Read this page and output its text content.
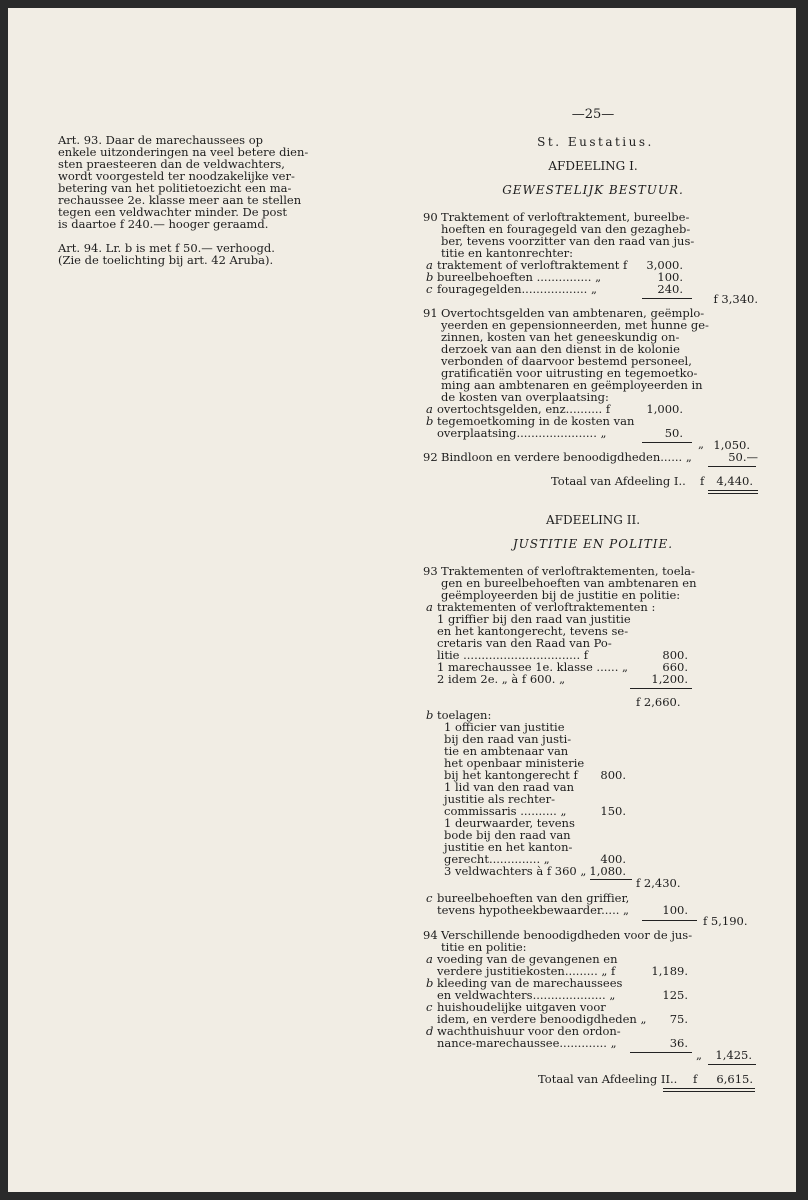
—25—
Art. 93. Daar de marechaussees op
enkele uitzonderingen na veel betere dien-
sten praesteeren dan de veldwachters,
wordt voorgesteld ter noodzakelijke ver-
betering van het politietoezicht een ma-
rechaussee 2e. klasse meer aan te stellen
tegen een veldwachter minder. De post
is daartoe f 240.— hooger geraamd.
Art. 94. Lr. b is met f 50.— verhoogd.
(Zie de toelichting bij art. 42 Aruba).
St. Eustatius.
AFDEELING I.
GEWESTELIJK BESTUUR.
90 Traktement of verloftraktement, bureelbe-
hoeften en fouragegeld van den gezagheb-
ber, tevens voorzitter van den raad van jus-
titie en kantonrechter:
a traktement of verloftraktement f	3,000.
b bureelbehoeften ............... „	100.
c fouragegelden.................. „	240.
f 3,340.
91 Overtochtsgelden van ambtenaren, geëmplo-
yeerden en gepensionneerden, met hunne ge-
zinnen, kosten van het geneeskundig on-
derzoek van aan den dienst in de kolonie
verbonden of daarvoor bestemd personeel,
gratificatiën voor uitrusting en tegemoetko-
ming aan ambtenaren en geëmployeerden in
de kosten van overplaatsing:
a overtochtsgelden, enz.......... f	1,000.
b tegemoetkoming in de kosten van
overplaatsing...................... „	50.
„ 1,050.
92 Bindloon en verdere benoodigdheden...... „	50.—
Totaal van Afdeeling I.. f	4,440.
AFDEELING II.
JUSTITIE EN POLITIE.
93 Traktementen of verloftraktementen, toela-
gen en bureelbehoeften van ambtenaren en
geëmployeerden bij de justitie en politie:
a traktementen of verloftraktementen :
1 griffier bij den raad van justitie
en het kantongerecht, tevens se-
cretaris van den Raad van Po-
litie ................................ f	800.
1 marechaussee 1e. klasse ...... „	660.
2 idem 2e. „ à f 600. „	1,200.
f 2,660.
b toelagen:
1 officier van justitie
bij den raad van justi-
tie en ambtenaar van
het openbaar ministerie
bij het kantongerecht f	800.
1 lid van den raad van
justitie als rechter-
commissaris .......... „	150.
1 deurwaarder, tevens
bode bij den raad van
justitie en het kanton-
gerecht.............. „	400.
3 veldwachters à f 360 „ 1,080.
f 2,430.
c bureelbehoeften van den griffier,
tevens hypotheekbewaarder..... „	100.
f 5,190.
94 Verschillende benoodigdheden voor de jus-
titie en politie:
a voeding van de gevangenen en
verdere justitiekosten......... „ f	1,189.
b kleeding van de marechaussees
en veldwachters.................... „	125.
c huishoudelijke uitgaven voor
idem, en verdere benoodigdheden „	75.
d wachthuishuur voor den ordon-
nance-marechaussee............. „	36.
„	1,425.
Totaal van Afdeeling II.. f	6,615.
